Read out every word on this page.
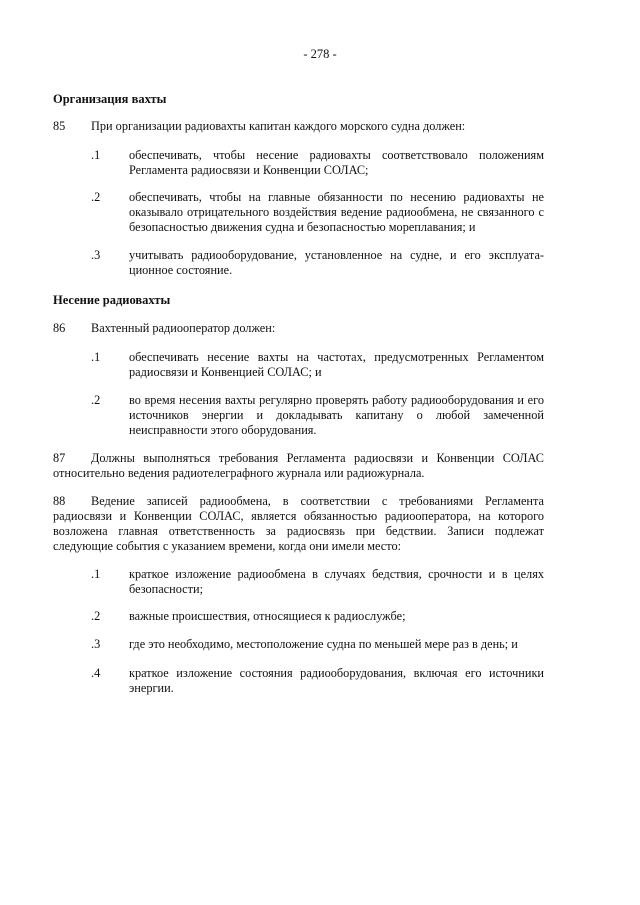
- 278 -
Организация вахты
85 При организации радиовахты капитан каждого морского судна должен:
.1 обеспечивать, чтобы несение радиовахты соответствовало положениям Регламента радиосвязи и Конвенции СОЛАС;
.2 обеспечивать, чтобы на главные обязанности по несению радиовахты не оказывало отрицательного воздействия ведение радиообмена, не связанного с безопасностью движения судна и безопасностью мореплавания; и
.3 учитывать радиооборудование, установленное на судне, и его эксплуата-ционное состояние.
Несение радиовахты
86 Вахтенный радиооператор должен:
.1 обеспечивать несение вахты на частотах, предусмотренных Регламентом радиосвязи и Конвенцией СОЛАС; и
.2 во время несения вахты регулярно проверять работу радиооборудования и его источников энергии и докладывать капитану о любой замеченной неисправности этого оборудования.
87 Должны выполняться требования Регламента радиосвязи и Конвенции СОЛАС относительно ведения радиотелеграфного журнала или радиожурнала.
88 Ведение записей радиообмена, в соответствии с требованиями Регламента радиосвязи и Конвенции СОЛАС, является обязанностью радиооператора, на которого возложена главная ответственность за радиосвязь при бедствии. Записи подлежат следующие события с указанием времени, когда они имели место:
.1 краткое изложение радиообмена в случаях бедствия, срочности и в целях безопасности;
.2 важные происшествия, относящиеся к радиослужбе;
.3 где это необходимо, местоположение судна по меньшей мере раз в день; и
.4 краткое изложение состояния радиооборудования, включая его источники энергии.
